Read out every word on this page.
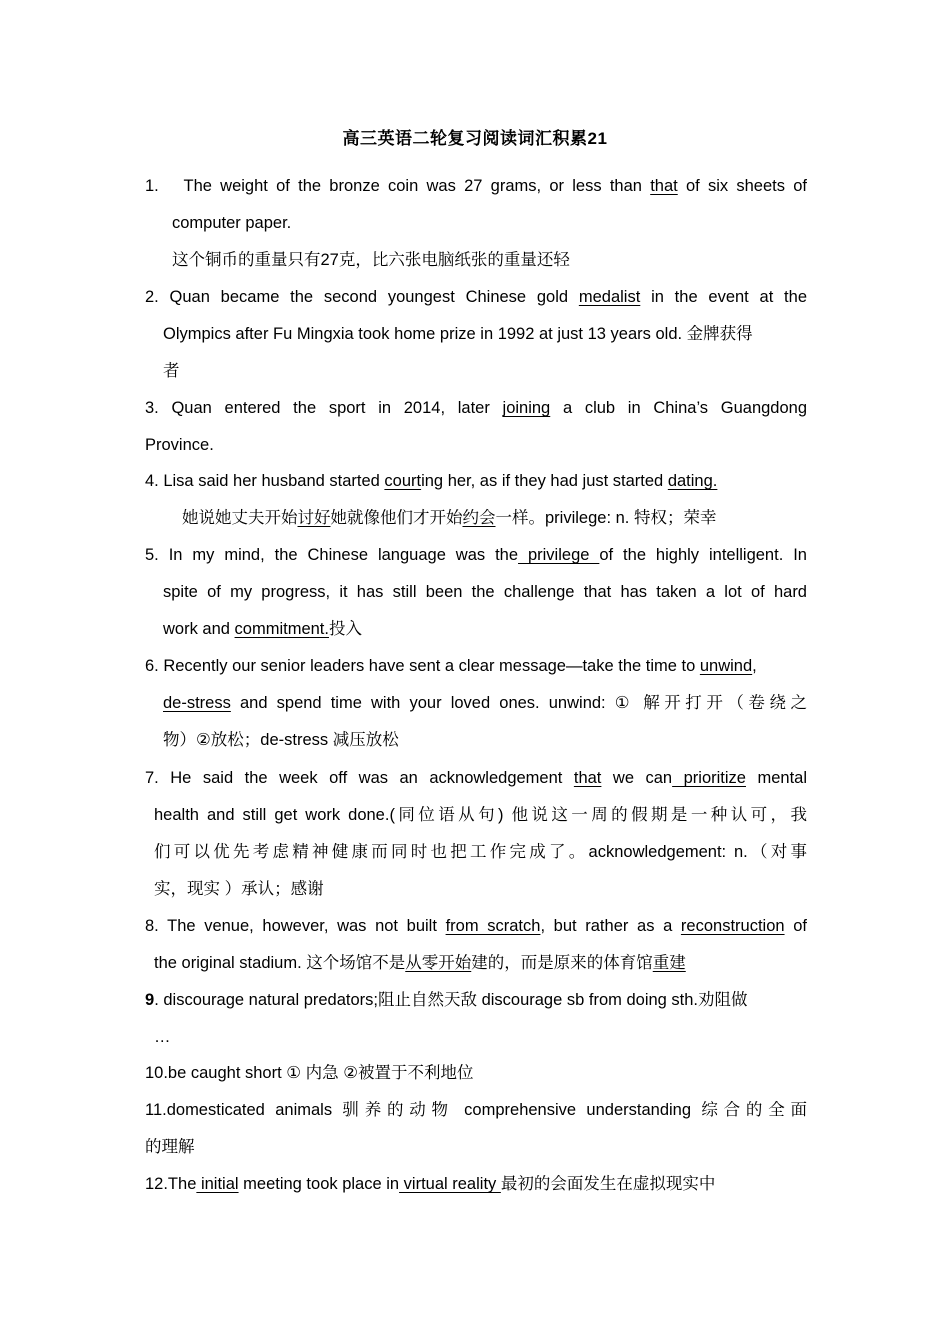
高三英语二轮复习阅读词汇积累21
1. The weight of the bronze coin was 27 grams, or less than that of six sheets of
computer paper.
这个铜币的重量只有27克，比六张电脑纸张的重量还轻
2. Quan became the second youngest Chinese gold medalist in the event at the
Olympics after Fu Mingxia took home prize in 1992 at just 13 years old. 金牌获得
者
3. Quan entered the sport in 2014, later joining a club in China’s Guangdong
Province.
4. Lisa said her husband started courting her, as if they had just started dating.
她说她丈夫开始讨好她就像他们才开始约会一样。privilege: n. 特权；荣幸
5. In my mind, the Chinese language was the privilege of the highly intelligent. In
spite of my progress, it has still been the challenge that has taken a lot of hard
work and commitment.投入
6. Recently our senior leaders have sent a clear message—take the time to unwind,
de-stress and spend time with your loved ones. unwind: ① 解开打开（卷绕之
物）②放松；de-stress 减压放松
7. He said the week off was an acknowledgement that we can prioritize mental
health and still get work done.(同位语从句) 他说这一周的假期是一种认可，我
们可以优先考虑精神健康而同时也把工作完成了。acknowledgement: n.（对事
实，现实 ）承认；感谢
8. The venue, however, was not built from scratch, but rather as a reconstruction of
the original stadium. 这个场馆不是从零开始建的，而是原来的体育馆重建
9. discourage natural predators;阻止自然天敌 discourage sb from doing sth.劝阻做
…
10.be caught short ① 内急 ②被置于不利地位
11.domesticated animals 驯养的动物 comprehensive understanding 综合的全面
的理解
12.The initial meeting took place in virtual reality 最初的会面发生在虚拟现实中
